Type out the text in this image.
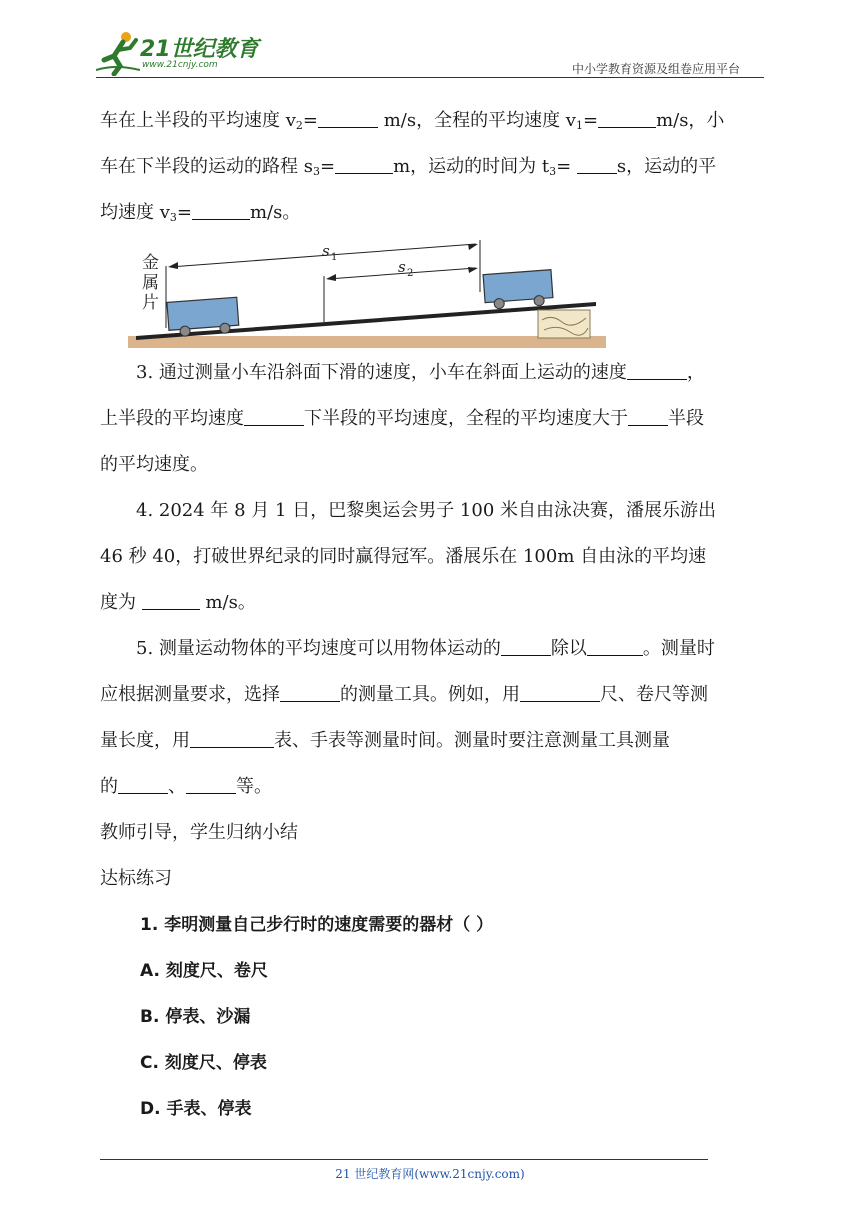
21世纪教育
www.21cnjy.com	中小学教育资源及组卷应用平台

车在上半段的平均速度 $v_2=$	m/s，全程的平均速度 $v_1=$	m/s，小

车在下半段的运动的路程 $s_3=$	m，运动的时间为 $t_3= s$，运动的平

均速度 $v_3=$	m/s。

金
属
片
s 1
s 2

3. 通过测量小车沿斜面下滑的速度，小车在斜面上运动的速度	，

上半段的平均速度	下半段的平均速度，全程的平均速度大于 半段

的平均速度。

4. 2024 年 8 月 1 日，巴黎奥运会男子 100 米自由泳决赛，潘展乐游出

46 秒 40，打破世界纪录的同时赢得冠军。潘展乐在 100m 自由泳的平均速

度为	m/s。

5. 测量运动物体的平均速度可以用物体运动的	除以	。测量时

应根据测量要求，选择	的测量工具。例如，用	尺、卷尺等测

量长度，用	表、手表等测量时间。测量时要注意测量工具测量

的	、	等。

教师引导，学生归纳小结

达标练习

1. 李明测量自己步行时的速度需要的器材（ ）

A. 刻度尺、卷尺

B. 停表、沙漏

C. 刻度尺、停表

D. 手表、停表

21 世纪教育网(www.21cnjy.com)
